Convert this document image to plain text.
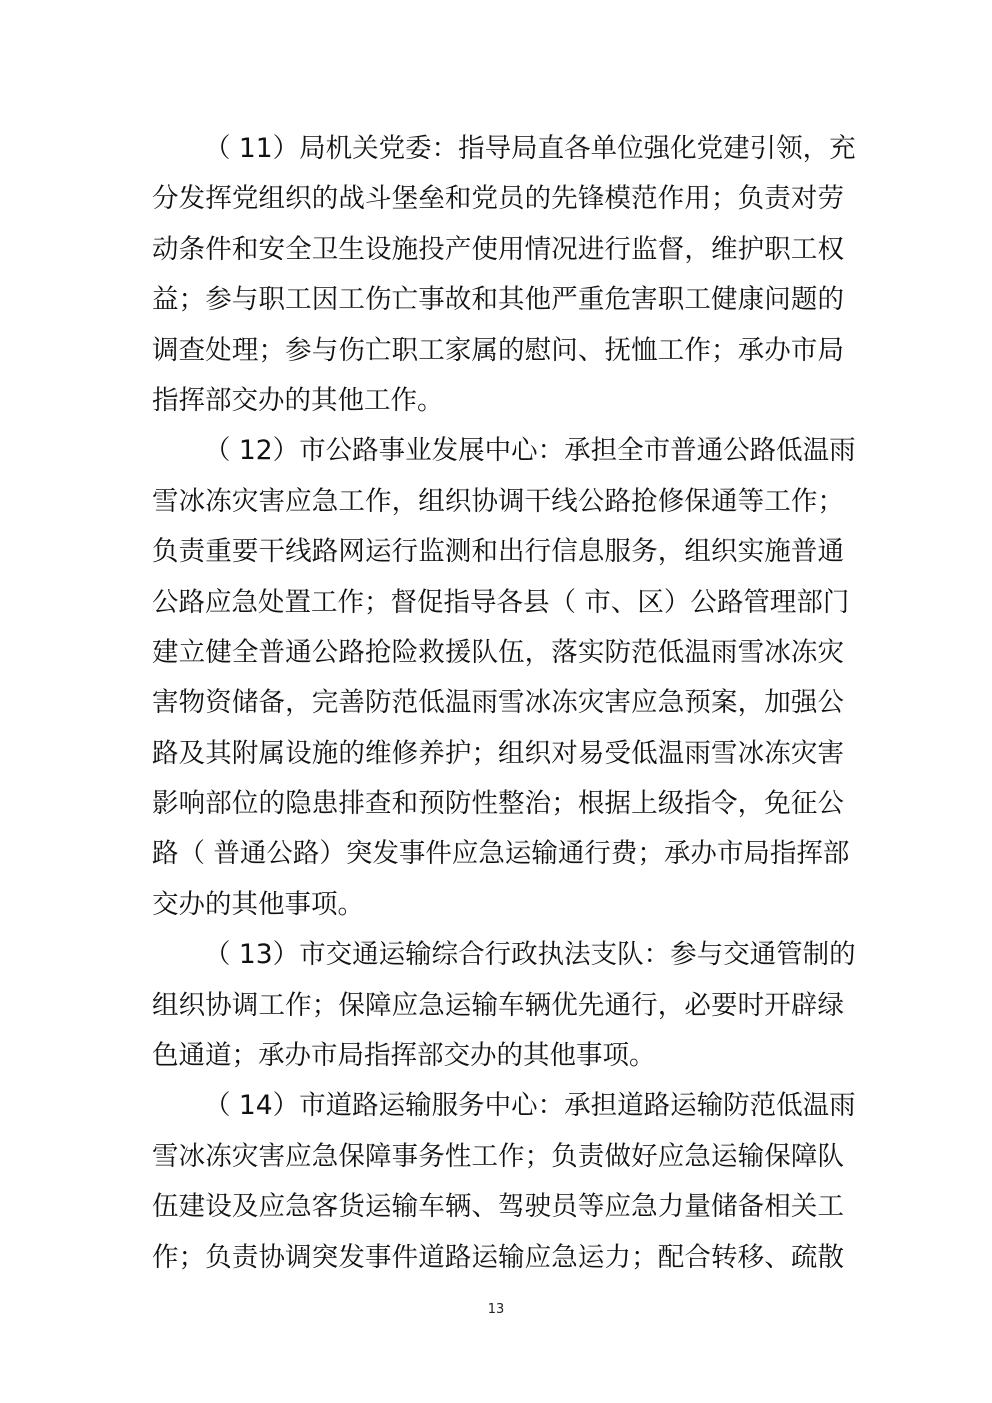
（ 11）局机关党委：指导局直各单位强化党建引领，充
分发挥党组织的战斗堡垒和党员的先锋模范作用；负责对劳
动条件和安全卫生设施投产使用情况进行监督，维护职工权
益；参与职工因工伤亡事故和其他严重危害职工健康问题的
调查处理；参与伤亡职工家属的慰问、抚恤工作；承办市局
指挥部交办的其他工作。
（ 12）市公路事业发展中心：承担全市普通公路低温雨
雪冰冻灾害应急工作，组织协调干线公路抢修保通等工作；
负责重要干线路网运行监测和出行信息服务，组织实施普通
公路应急处置工作；督促指导各县（ 市、区）公路管理部门
建立健全普通公路抢险救援队伍，落实防范低温雨雪冰冻灾
害物资储备，完善防范低温雨雪冰冻灾害应急预案，加强公
路及其附属设施的维修养护；组织对易受低温雨雪冰冻灾害
影响部位的隐患排查和预防性整治；根据上级指令，免征公
路（ 普通公路）突发事件应急运输通行费；承办市局指挥部
交办的其他事项。
（ 13）市交通运输综合行政执法支队：参与交通管制的
组织协调工作；保障应急运输车辆优先通行，必要时开辟绿
色通道；承办市局指挥部交办的其他事项。
（ 14）市道路运输服务中心：承担道路运输防范低温雨
雪冰冻灾害应急保障事务性工作；负责做好应急运输保障队
伍建设及应急客货运输车辆、驾驶员等应急力量储备相关工
作；负责协调突发事件道路运输应急运力；配合转移、疏散
13
